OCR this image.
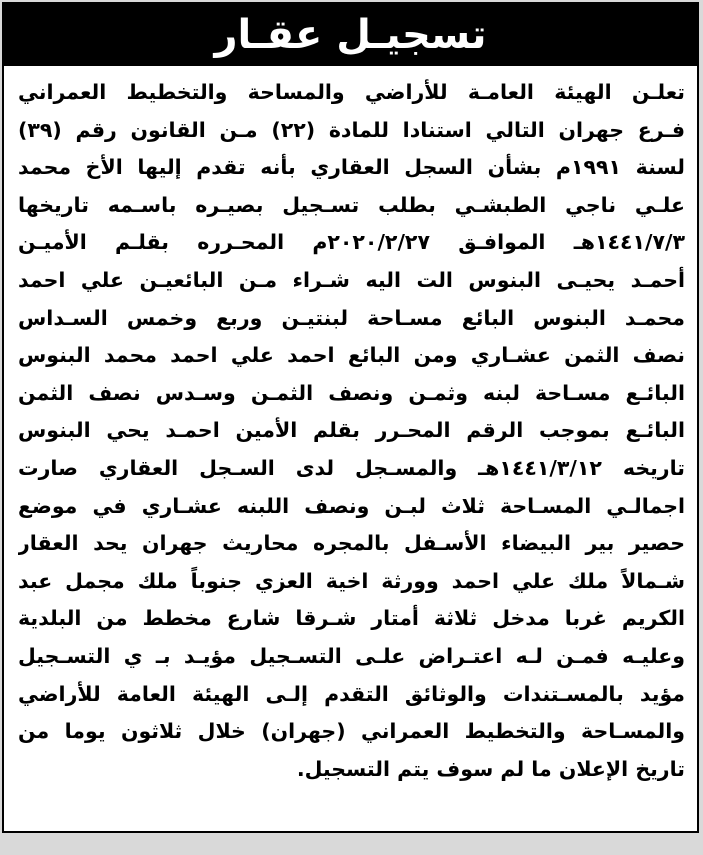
تسجيـل عقـار
تعلـن الهيئة العامـة للأراضي والمساحة والتخطيط العمراني
فـرع جهران التالي استنادا للمادة (٢٢) مـن القانون رقم (٣٩)
لسنة ١٩٩١م بشأن السجل العقاري بأنه تقدم إليها الأخ محمد
علـي ناجي الطبشـي بطلب تسـجيل بصيـره باسـمه تاريخها
١٤٤١/٧/٣هـ الموافـق ٢٠٢٠/٢/٢٧م المحـرره بقلـم الأميـن
أحمـد يحيـى البنوس الت اليه شـراء مـن البائعيـن علي احمد
محمـد البنوس البائع مسـاحة لبنتيـن وربع وخمس السـداس
نصف الثمن عشـاري ومن البائع احمد علي احمد محمد البنوس
البائـع مسـاحة لبنه وثمـن ونصف الثمـن وسـدس نصف الثمن
البائـع بموجب الرقم المحـرر بقلم الأمين احمـد يحي البنوس
تاريخه ١٤٤١/٣/١٢هـ والمسـجل لدى السـجل العقاري صارت
اجمالـي المسـاحة ثلاث لبـن ونصف اللبنه عشـاري في موضع
حصير بير البيضاء الأسـفل بالمجره محاريث جهران يحد العقار
شـمالاً ملك علي احمد وورثة اخية العزي جنوباً ملك مجمل عبد
الكريم غربا مدخل ثلاثة أمتار شـرقا شارع مخطط من البلدية
وعليـه فمـن لـه اعتـراض علـى التسـجيل مؤيـد بـ ي التسـجيل
مؤيد بالمسـتندات والوثائق التقدم إلـى الهيئة العامة للأراضي
والمسـاحة والتخطيط العمراني (جهران) خلال ثلاثون يوما من
تاريخ الإعلان ما لم سوف يتم التسجيل.
